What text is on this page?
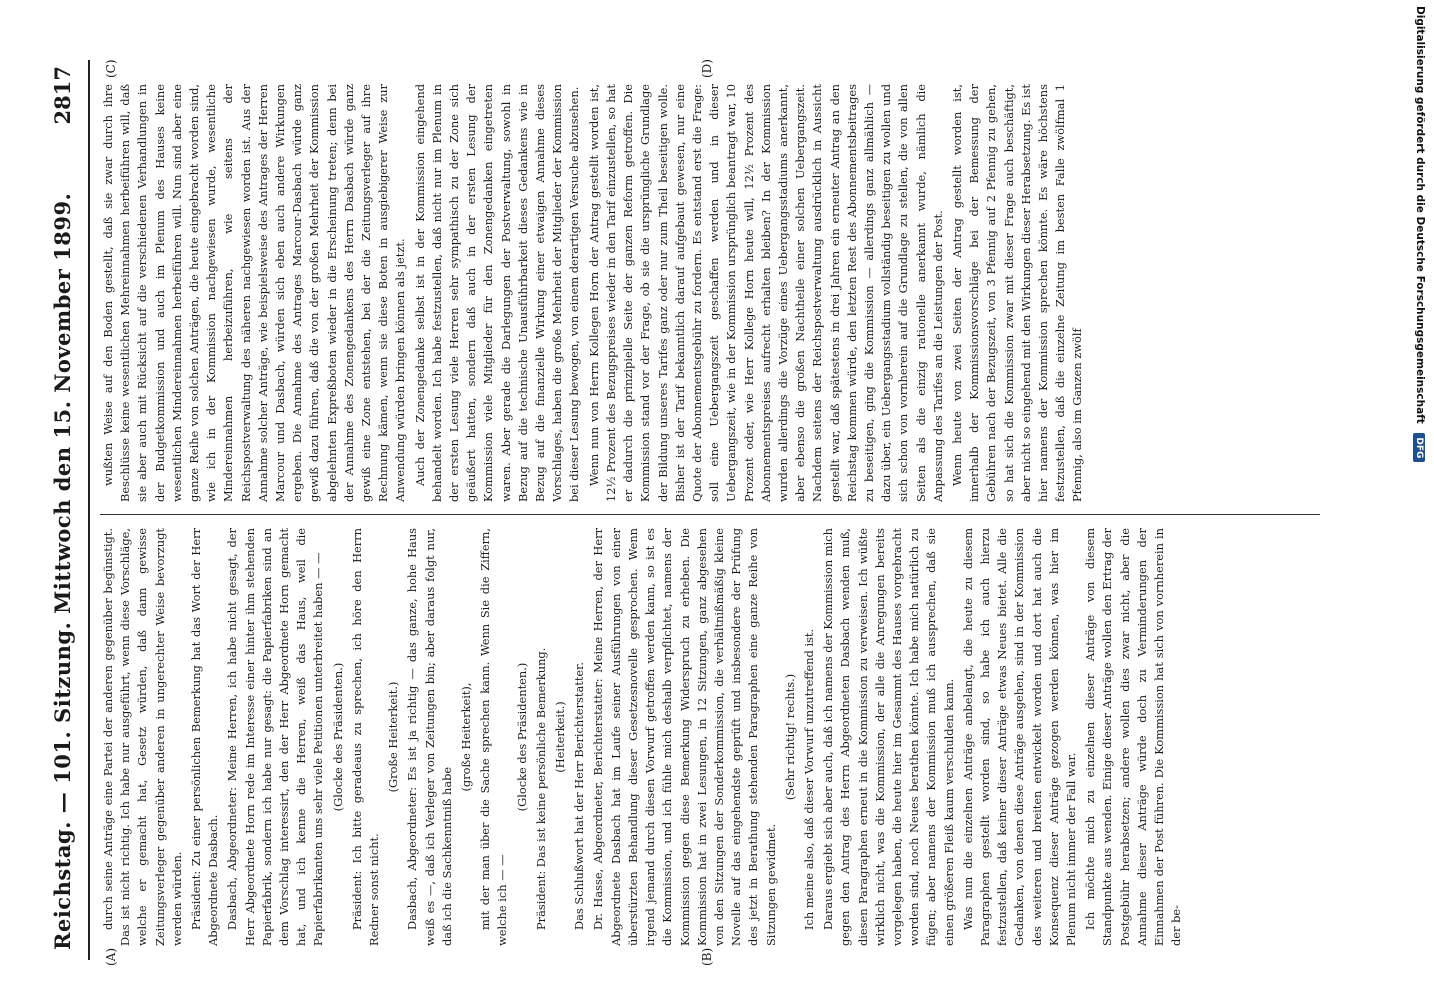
Reichstag. — 101. Sitzung. Mittwoch den 15. November 1899.
2817
(A)	(B)
(C)	(D)

durch seine Anträge eine Partei der anderen gegenüber begünstigt. Das ist nicht richtig. Ich habe nur ausgeführt, wenn diese Vorschläge, welche er gemacht hat, Gesetz würden, daß dann gewisse Zeitungsverleger gegenüber anderen in ungerechter Weise bevorzugt werden würden. Präsident: Zu einer persönlichen Bemerkung hat das Wort der Herr Abgeordnete Dasbach. Dasbach, Abgeordneter: Meine Herren, ich habe nicht gesagt, der Herr Abgeordnete Horn rede im Interesse einer hinter ihm stehenden Papierfabrik, sondern ich habe nur gesagt: die Papierfabriken sind an dem Vorschlag interessirt, den der Herr Abgeordnete Horn gemacht hat, und ich kenne die Herren, weiß das Haus, weil die Papierfabrikanten uns sehr viele Petitionen unterbreitet haben — — (Glocke des Präsidenten.) Präsident: Ich bitte geradeaus zu sprechen, ich höre den Herrn Redner sonst nicht.

(Große Heiterkeit.) Dasbach, Abgeordneter: Es ist ja richtig — das ganze, hohe Haus weiß es —, daß ich Verleger von Zeitungen bin; aber daraus folgt nur, daß ich die Sachkenntniß habe

(große Heiterkeit), mit der man über die Sache sprechen kann. Wenn Sie die Ziffern, welche ich — —

(Glocke des Präsidenten.) Präsident: Das ist keine persönliche Bemerkung. (Heiterkeit.) Das Schlußwort hat der Herr Berichterstatter. Dr. Hasse, Abgeordneter, Berichterstatter: Meine Herren, der Herr Abgeordnete Dasbach hat im Laufe seiner Ausführungen von einer überstürzten Behandlung dieser Gesetzesnovelle gesprochen. Wenn irgend jemand durch diesen Vorwurf getroffen werden kann, so ist es die Kommission, und ich fühle mich deshalb verpflichtet, namens der Kommission gegen diese Bemerkung Widerspruch zu erheben. Die Kommission hat in zwei Lesungen, in 12 Sitzungen, ganz abgesehen von den Sitzungen der Sonderkommission, die verhältnißmäßig kleine Novelle auf das eingehendste geprüft und insbesondere der Prüfung des jetzt in Berathung stehenden Paragraphen eine ganze Reihe von Sitzungen gewidmet.

(Sehr richtig! rechts.) Ich meine also, daß dieser Vorwurf unzutreffend ist. Daraus ergiebt sich aber auch, daß ich namens der Kommission mich gegen den Antrag des Herrn Abgeordneten Dasbach wenden muß, diesen Paragraphen erneut in die Kommission zu verweisen. Ich wüßte wirklich nicht, was die Kommission, der alle die Anregungen bereits vorgelegen haben, die heute hier im Gesammt des Hauses vorgebracht worden sind, noch Neues berathen könnte. Ich habe mich natürlich zu fügen; aber namens der Kommission muß ich aussprechen, daß sie einen größeren Fleiß kaum verschulden kann. Was nun die einzelnen Anträge anbelangt, die heute zu diesem Paragraphen gestellt worden sind, so habe ich auch hierzu festzustellen, daß keiner dieser Anträge etwas Neues bietet. Alle die Gedanken, von denen diese Anträge ausgehen, sind in der Kommission des weiteren und breiten entwickelt worden und dort hat auch die Konsequenz dieser Anträge gezogen werden können, was hier im Plenum nicht immer der Fall war. Ich möchte mich zu einzelnen dieser Anträge von diesem Standpunkte aus wenden. Einige dieser Anträge wollen den Ertrag der Postgebühr herabsetzen; andere wollen dies zwar nicht, aber die Annahme dieser Anträge würde doch zu Verminderungen der Einnahmen der Post führen. Die Kommission hat sich von vornherein in der be-

wußten Weise auf den Boden gestellt, daß sie zwar durch ihre Beschlüsse keine wesentlichen Mehreinnahmen herbeiführen will, daß sie aber auch mit Rücksicht auf die verschiedenen Verhandlungen in der Budgetkommission und auch im Plenum des Hauses keine wesentlichen Mindereinnahmen herbeiführen will. Nun sind aber eine ganze Reihe von solchen Anträgen, die heute eingebracht worden sind, wie ich in der Kommission nachgewiesen wurde, wesentliche Mindereinnahmen herbeizuführen, wie seitens der Reichspostverwaltung des näheren nachgewiesen worden ist. Aus der Annahme solcher Anträge, wie beispielsweise des Antrages der Herren Marcour und Dasbach, würden sich eben auch andere Wirkungen ergeben. Die Annahme des Antrages Marcour-Dasbach würde ganz gewiß dazu führen, daß die von der großen Mehrheit der Kommission abgelehnten Expreßboten wieder in die Erscheinung treten; denn bei der Annahme des Zonengedankens des Herrn Dasbach würde ganz gewiß eine Zone entstehen, bei der die Zeitungsverleger auf ihre Rechnung kämen, wenn sie diese Boten in ausgiebigerer Weise zur Anwendung würden bringen können als jetzt. Auch der Zonengedanke selbst ist in der Kommission eingehend behandelt worden. Ich habe festzustellen, daß nicht nur im Plenum in der ersten Lesung viele Herren sehr sympathisch zu der Zone sich geäußert hatten, sondern daß auch in der ersten Lesung der Kommission viele Mitglieder für den Zonengedanken eingetreten waren. Aber gerade die Darlegungen der Postverwaltung, sowohl in Bezug auf die technische Unausführbarkeit dieses Gedankens wie in Bezug auf die finanzielle Wirkung einer etwaigen Annahme dieses Vorschlages, haben die große Mehrheit der Mitglieder der Kommission bei dieser Lesung bewogen, von einem derartigen Versuche abzusehen. Wenn nun von Herrn Kollegen Horn der Antrag gestellt worden ist, 12½ Prozent des Bezugspreises wieder in den Tarif einzustellen, so hat er dadurch die prinzipielle Seite der ganzen Reform getroffen. Die Kommission stand vor der Frage, ob sie die ursprüngliche Grundlage der Bildung unseres Tarifes ganz oder nur zum Theil beseitigen wolle. Bisher ist der Tarif bekanntlich darauf aufgebaut gewesen, nur eine Quote der Abonnementsgebühr zu fordern. Es entstand erst die Frage: soll eine Uebergangszeit geschaffen werden und in dieser Uebergangszeit, wie in der Kommission ursprünglich beantragt war, 10 Prozent oder, wie Herr Kollege Horn heute will, 12½ Prozent des Abonnementspreises aufrecht erhalten bleiben? In der Kommission wurden allerdings die Vorzüge eines Uebergangsstadiums anerkannt, aber ebenso die großen Nachtheile einer solchen Uebergangszeit. Nachdem seitens der Reichspostverwaltung ausdrücklich in Aussicht gestellt war, daß spätestens in drei Jahren ein erneuter Antrag an den Reichstag kommen würde, den letzten Rest des Abonnementsbeitrages zu beseitigen, ging die Kommission — allerdings ganz allmählich — dazu über, ein Uebergangsstadium vollständig beseitigen zu wollen und sich schon von vornherein auf die Grundlage zu stellen, die von allen Seiten als die einzig rationelle anerkannt wurde, nämlich die Anpassung des Tarifes an die Leistungen der Post. Wenn heute von zwei Seiten der Antrag gestellt worden ist, innerhalb der Kommissionsvorschläge bei der Bemessung der Gebühren nach der Bezugszeit, von 3 Pfennig auf 2 Pfennig zu gehen, so hat sich die Kommission zwar mit dieser Frage auch beschäftigt, aber nicht so eingehend mit den Wirkungen dieser Herabsetzung. Es ist hier namens der Kommission sprechen könnte. Es wäre höchstens festzustellen, daß die einzelne Zeitung im besten Falle zwölfmal 1 Pfennig, also im Ganzen zwölf	Digitalisierung gefördert durch die Deutsche Forschungsgemeinschaft DFG
